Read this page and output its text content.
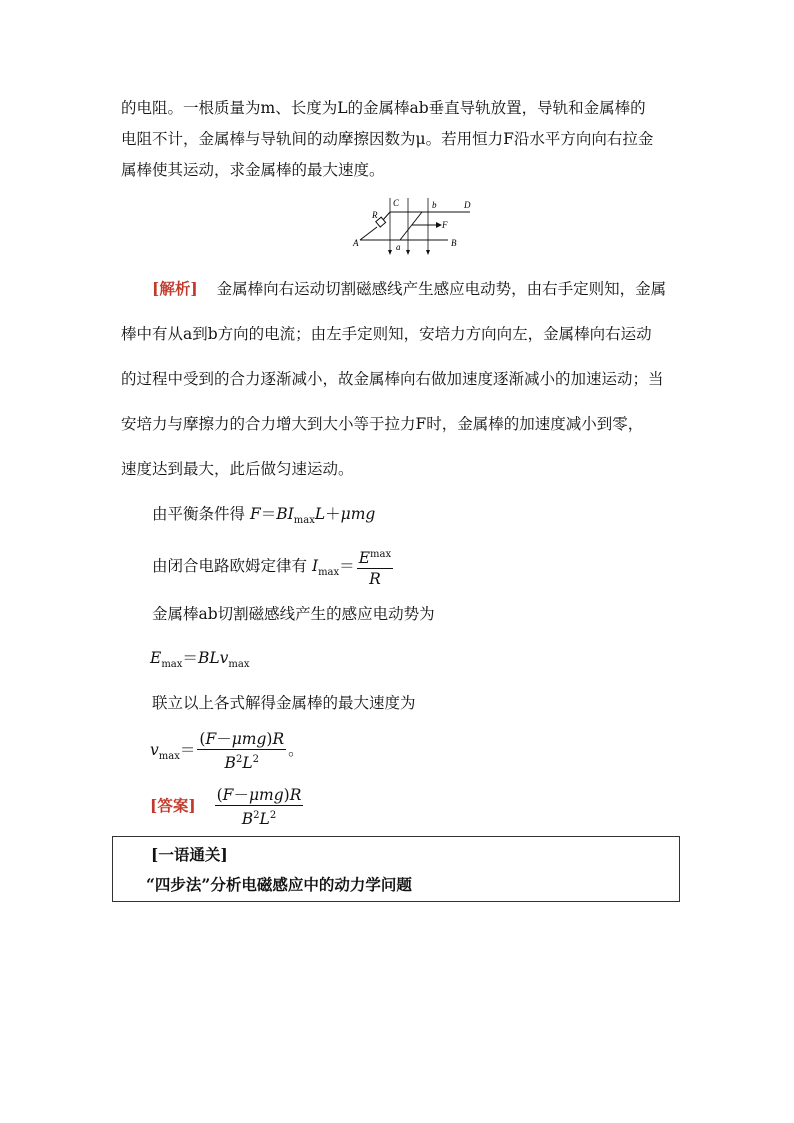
的电阻。一根质量为m、长度为L的金属棒ab垂直导轨放置，导轨和金属棒的
电阻不计，金属棒与导轨间的动摩擦因数为μ。若用恒力F沿水平方向向右拉金
属棒使其运动，求金属棒的最大速度。
R
C	b	D
F
A	a	B
[解析] 金属棒向右运动切割磁感线产生感应电动势，由右手定则知，金属
棒中有从a到b方向的电流；由左手定则知，安培力方向向左，金属棒向右运动
的过程中受到的合力逐渐减小，故金属棒向右做加速度逐渐减小的加速运动；当
安培力与摩擦力的合力增大到大小等于拉力F时，金属棒的加速度减小到零，
速度达到最大，此后做匀速运动。
由平衡条件得 $F=BI_{max}L+\mu mg$
由闭合电路欧姆定律有 $I_{max}= \frac{E^{max}}{R}$
金属棒ab切割磁感线产生的感应电动势为
$E_{max}=BLv_{max}$
联立以上各式解得金属棒的最大速度为
$v_{max}= \frac{\text{(F－μmg)R}}{B^2L^2}$ 。
[答案] $\frac{\text{(F－μmg)R}}{B^2L^2}$
[一语通关]
“四步法”分析电磁感应中的动力学问题
